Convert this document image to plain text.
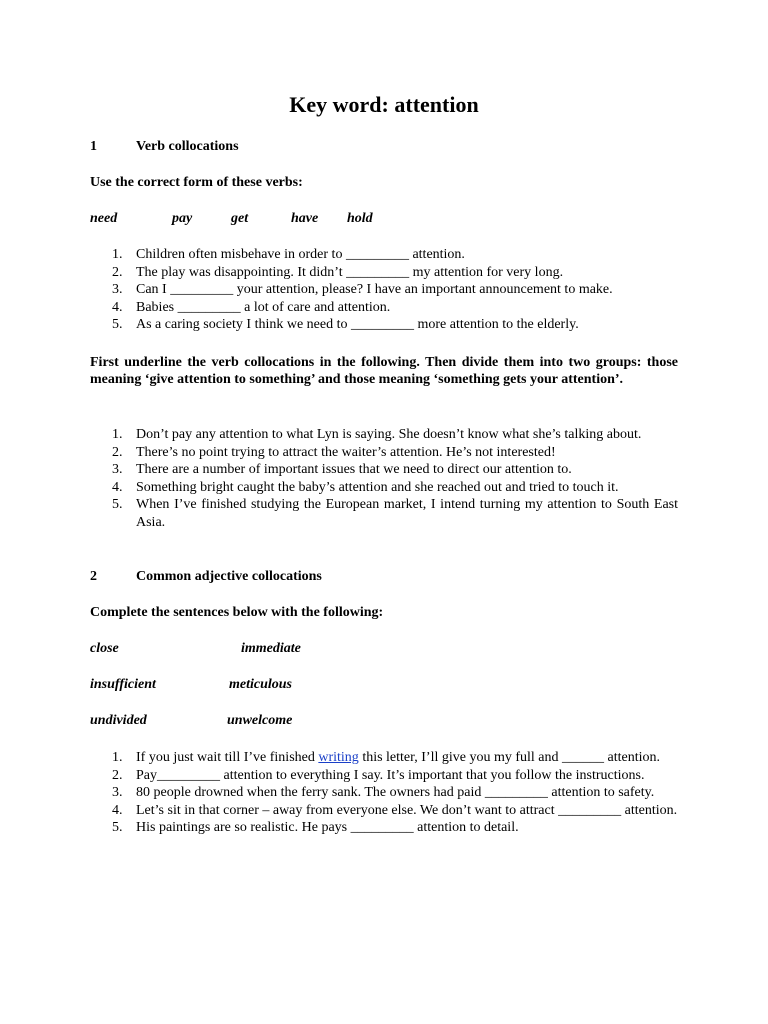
Key word: attention
1	Verb collocations
Use the correct form of these verbs:
need	pay	get	have hold
1. Children often misbehave in order to _________ attention.
2. The play was disappointing. It didn’t _________ my attention for very long.
3. Can I _________ your attention, please? I have an important announcement to make.
4. Babies _________ a lot of care and attention.
5. As a caring society I think we need to _________ more attention to the elderly.
First underline the verb collocations in the following. Then divide them into two groups: those meaning ‘give attention to something’ and those meaning ‘something gets your attention’.
1. Don’t pay any attention to what Lyn is saying. She doesn’t know what she’s talking about.
2. There’s no point trying to attract the waiter’s attention. He’s not interested!
3. There are a number of important issues that we need to direct our attention to.
4. Something bright caught the baby’s attention and she reached out and tried to touch it.
5. When I’ve finished studying the European market, I intend turning my attention to South East Asia.
2	Common adjective collocations
Complete the sentences below with the following:
close	immediate
insufficient	meticulous
undivided	unwelcome
1. If you just wait till I’ve finished writing this letter, I’ll give you my full and ______ attention.
2. Pay_________ attention to everything I say. It’s important that you follow the instructions.
3. 80 people drowned when the ferry sank. The owners had paid _________ attention to safety.
4. Let’s sit in that corner – away from everyone else. We don’t want to attract _________ attention.
5. His paintings are so realistic. He pays _________ attention to detail.
